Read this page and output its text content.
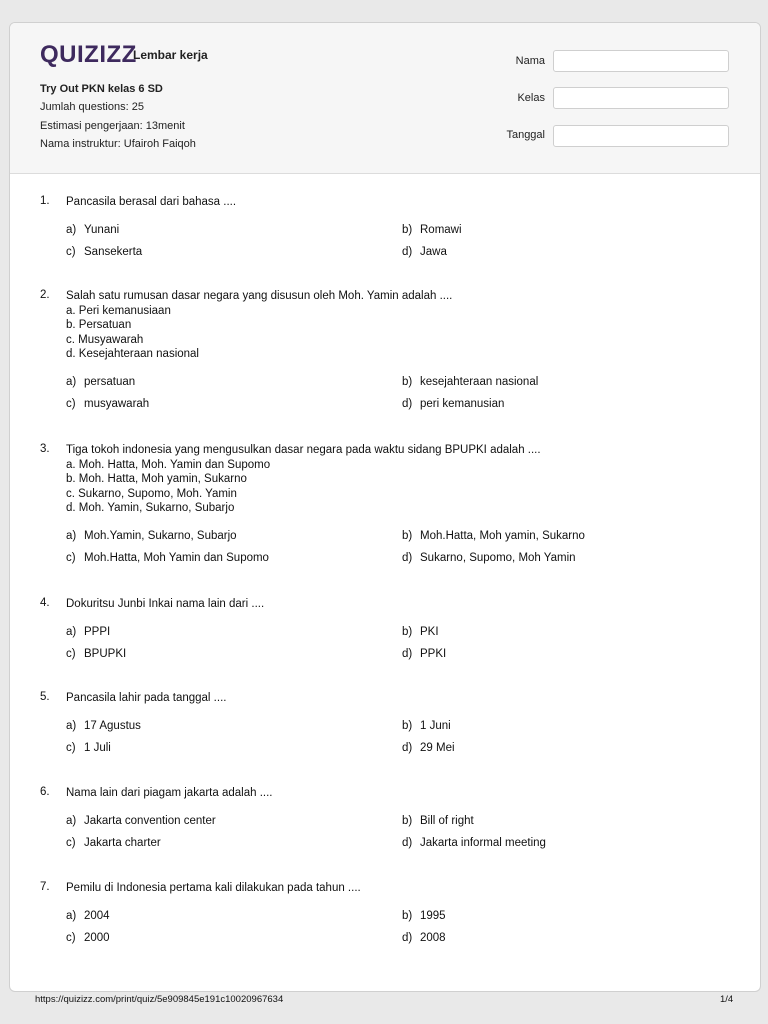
QUIZIZZ
Lembar kerja
Try Out PKN kelas 6 SD
Jumlah questions: 25
Estimasi pengerjaan: 13menit
Nama instruktur: Ufairoh Faiqoh
Nama
Kelas
Tanggal
1. Pancasila berasal dari bahasa ....
a) Yunani	b) Romawi
c) Sansekerta	d) Jawa
2. Salah satu rumusan dasar negara yang disusun oleh Moh. Yamin adalah ....
a. Peri kemanusiaan
b. Persatuan
c. Musyawarah
d. Kesejahteraan nasional
a) persatuan	b) kesejahteraan nasional
c) musyawarah	d) peri kemanusian
3. Tiga tokoh indonesia yang mengusulkan dasar negara pada waktu sidang BPUPKI adalah ....
a. Moh. Hatta, Moh. Yamin dan Supomo
b. Moh. Hatta, Moh yamin, Sukarno
c. Sukarno, Supomo, Moh. Yamin
d. Moh. Yamin, Sukarno, Subarjo
a) Moh.Yamin, Sukarno, Subarjo	b) Moh.Hatta, Moh yamin, Sukarno
c) Moh.Hatta, Moh Yamin dan Supomo	d) Sukarno, Supomo, Moh Yamin
4. Dokuritsu Junbi Inkai nama lain dari ....
a) PPPI	b) PKI
c) BPUPKI	d) PPKI
5. Pancasila lahir pada tanggal ....
a) 17 Agustus	b) 1 Juni
c) 1 Juli	d) 29 Mei
6. Nama lain dari piagam jakarta adalah ....
a) Jakarta convention center	b) Bill of right
c) Jakarta charter	d) Jakarta informal meeting
7. Pemilu di Indonesia pertama kali dilakukan pada tahun ....
a) 2004	b) 1995
c) 2000	d) 2008
https://quizizz.com/print/quiz/5e909845e191c10020967634	1/4
